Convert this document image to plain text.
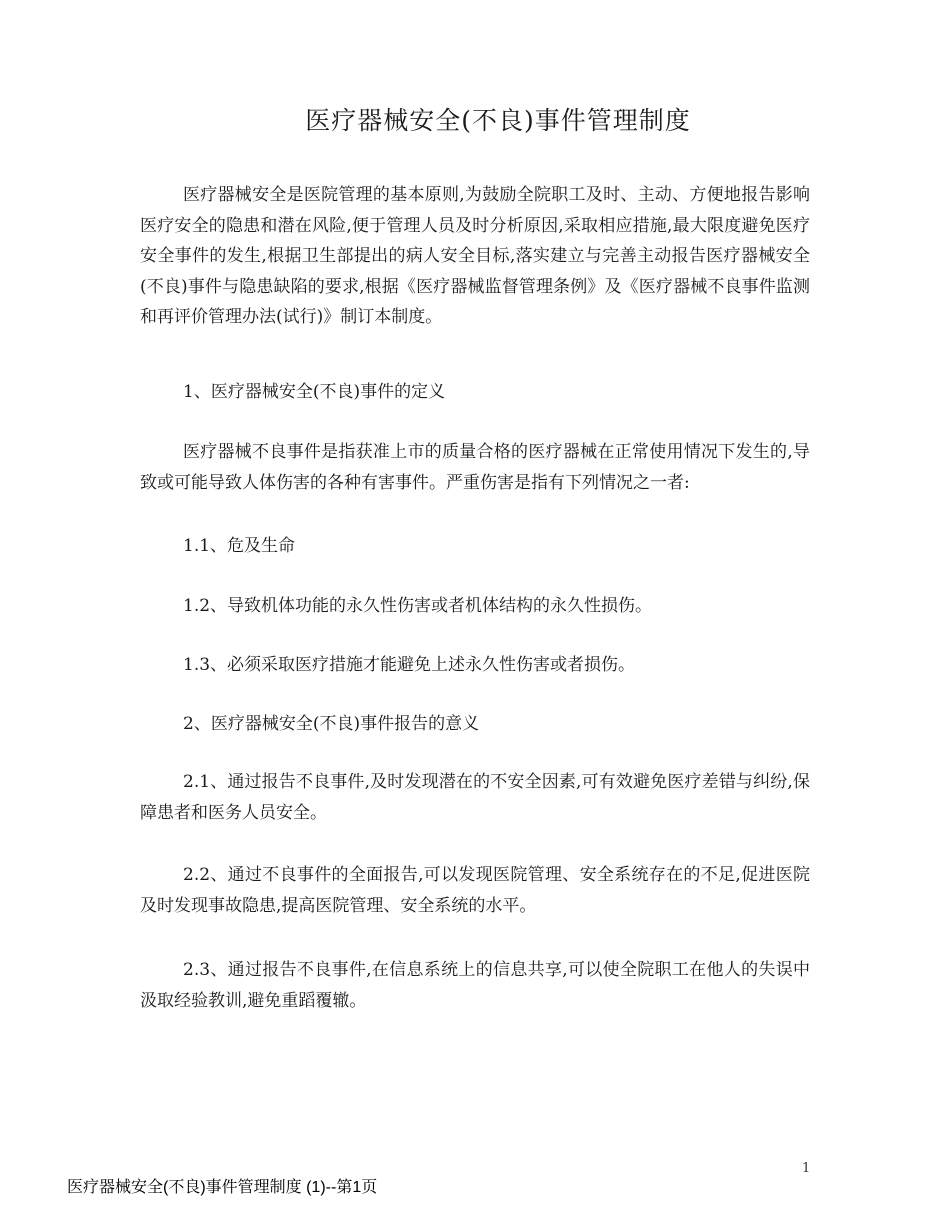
医疗器械安全(不良)事件管理制度

医疗器械安全是医院管理的基本原则,为鼓励全院职工及时、主动、方便地报告影响医疗安全的隐患和潜在风险,便于管理人员及时分析原因,采取相应措施,最大限度避免医疗安全事件的发生,根据卫生部提出的病人安全目标,落实建立与完善主动报告医疗器械安全(不良)事件与隐患缺陷的要求,根据《医疗器械监督管理条例》及《医疗器械不良事件监测和再评价管理办法(试行)》制订本制度。

1、医疗器械安全(不良)事件的定义

医疗器械不良事件是指获准上市的质量合格的医疗器械在正常使用情况下发生的,导致或可能导致人体伤害的各种有害事件。严重伤害是指有下列情况之一者:

1.1、危及生命

1.2、导致机体功能的永久性伤害或者机体结构的永久性损伤。

1.3、必须采取医疗措施才能避免上述永久性伤害或者损伤。

2、医疗器械安全(不良)事件报告的意义

2.1、通过报告不良事件,及时发现潜在的不安全因素,可有效避免医疗差错与纠纷,保障患者和医务人员安全。

2.2、通过不良事件的全面报告,可以发现医院管理、安全系统存在的不足,促进医院及时发现事故隐患,提高医院管理、安全系统的水平。

2.3、通过报告不良事件,在信息系统上的信息共享,可以使全院职工在他人的失误中汲取经验教训,避免重蹈覆辙。

1
医疗器械安全(不良)事件管理制度 (1)--第1页
